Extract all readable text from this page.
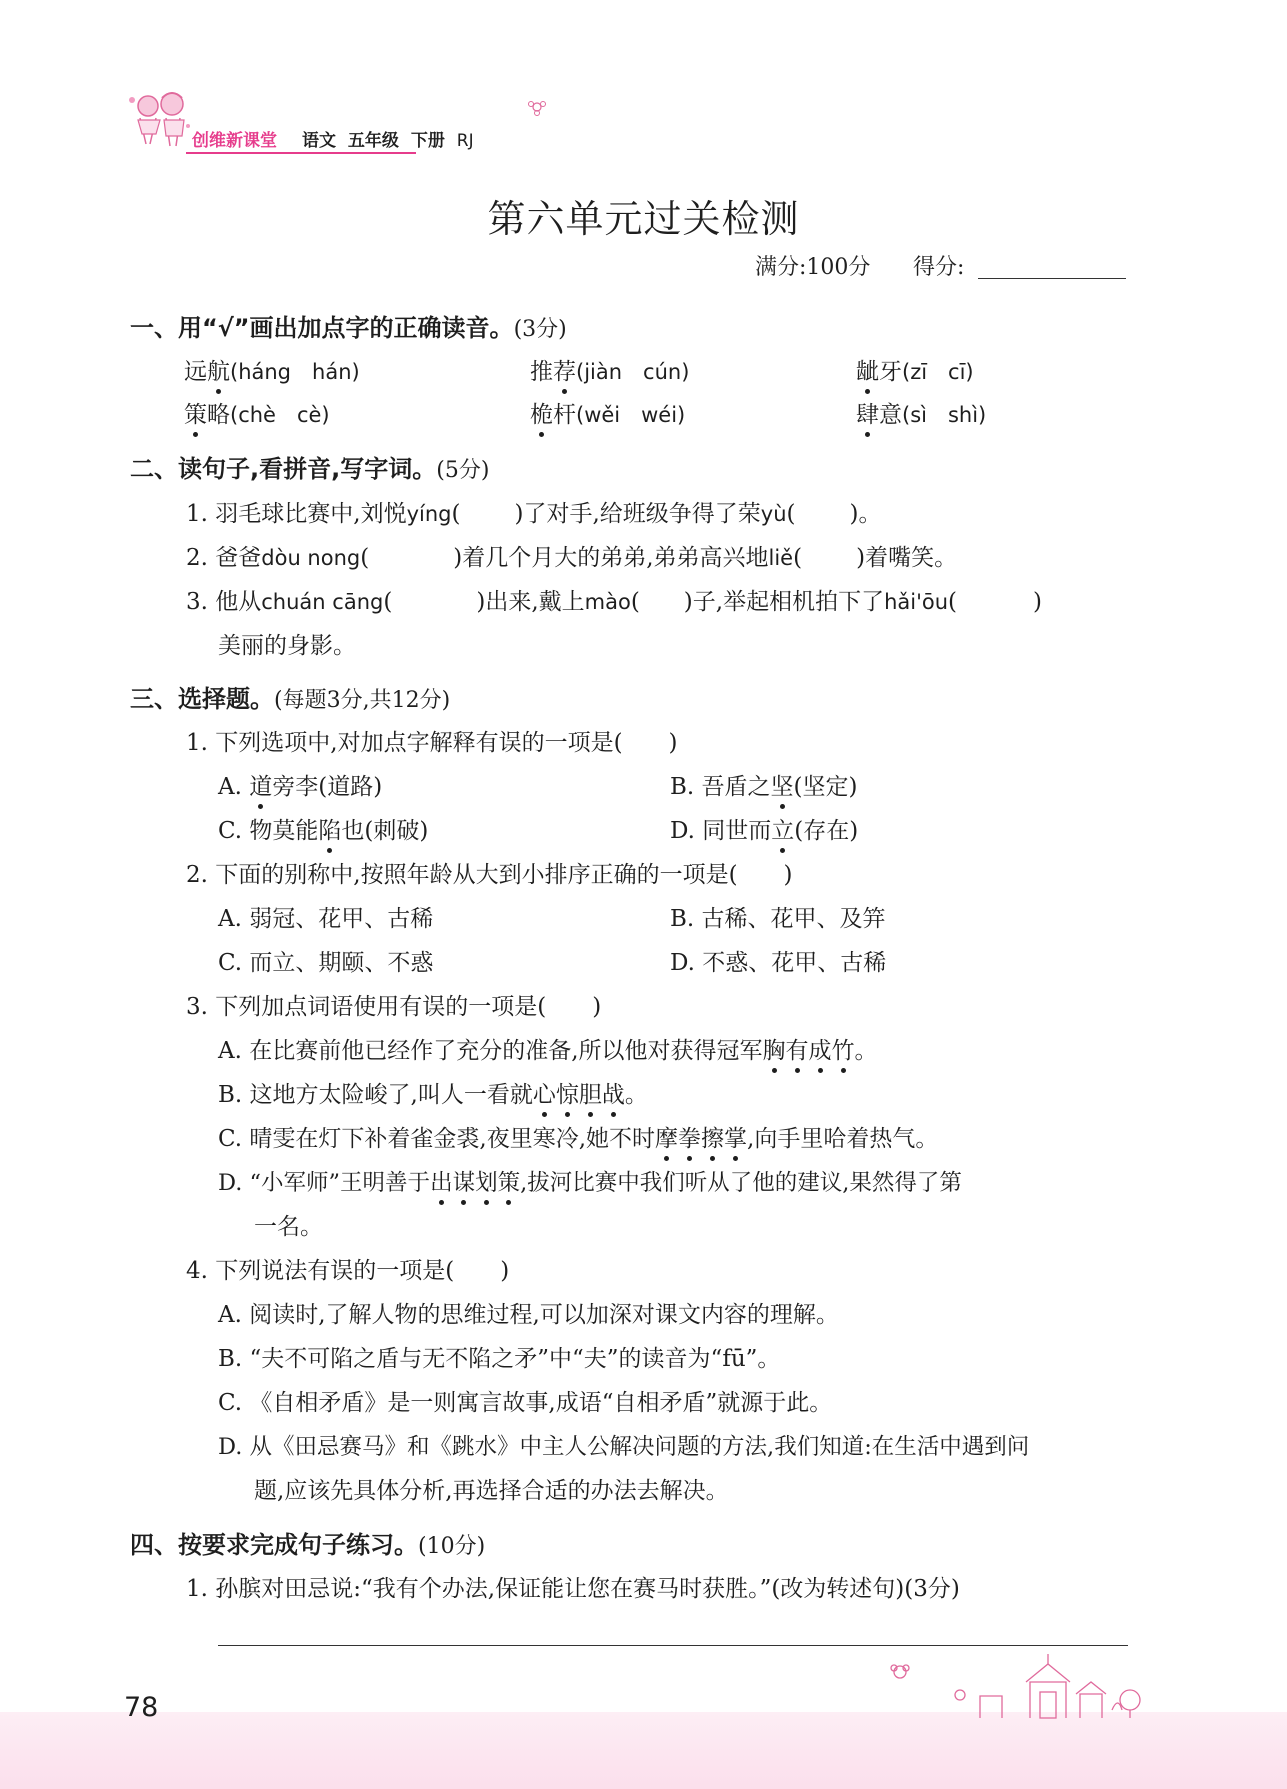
创维新课堂 语文 五年级 下册 RJ
第六单元过关检测
满分:100分 得分:
一、用“√”画出加点字的正确读音。(3分)
远航(háng　hán)	推荐(jiàn　cún)	龇牙(zī　cī)
策略(chè　cè)	桅杆(wěi　wéi)	肆意(sì　shì)
二、读句子,看拼音,写字词。(5分)
1. 羽毛球比赛中,刘悦yíng( )了对手,给班级争得了荣yù( )。
2. 爸爸dòu nong(	)着几个月大的弟弟,弟弟高兴地liě( )着嘴笑。
3. 他从chuán cāng(	)出来,戴上mào( )子,举起相机拍下了hǎi'ōu(	)
美丽的身影。
三、选择题。(每题3分,共12分)
1. 下列选项中,对加点字解释有误的一项是(　　)
A. 道旁李(道路)	B. 吾盾之坚(坚定)
C. 物莫能陷也(刺破)	D. 同世而立(存在)
2. 下面的别称中,按照年龄从大到小排序正确的一项是(　　)
A. 弱冠、花甲、古稀	B. 古稀、花甲、及笄
C. 而立、期颐、不惑	D. 不惑、花甲、古稀
3. 下列加点词语使用有误的一项是(　　)
A. 在比赛前他已经作了充分的准备,所以他对获得冠军胸有成竹。
B. 这地方太险峻了,叫人一看就心惊胆战。
C. 晴雯在灯下补着雀金裘,夜里寒冷,她不时摩拳擦掌,向手里哈着热气。
D. “小军师”王明善于出谋划策,拔河比赛中我们听从了他的建议,果然得了第
一名。
4. 下列说法有误的一项是(　　)
A. 阅读时,了解人物的思维过程,可以加深对课文内容的理解。
B. “夫不可陷之盾与无不陷之矛”中“夫”的读音为“fū”。
C. 《自相矛盾》是一则寓言故事,成语“自相矛盾”就源于此。
D. 从《田忌赛马》和《跳水》中主人公解决问题的方法,我们知道:在生活中遇到问
题,应该先具体分析,再选择合适的办法去解决。
四、按要求完成句子练习。(10分)
1. 孙膑对田忌说:“我有个办法,保证能让您在赛马时获胜。”(改为转述句)(3分)
78
